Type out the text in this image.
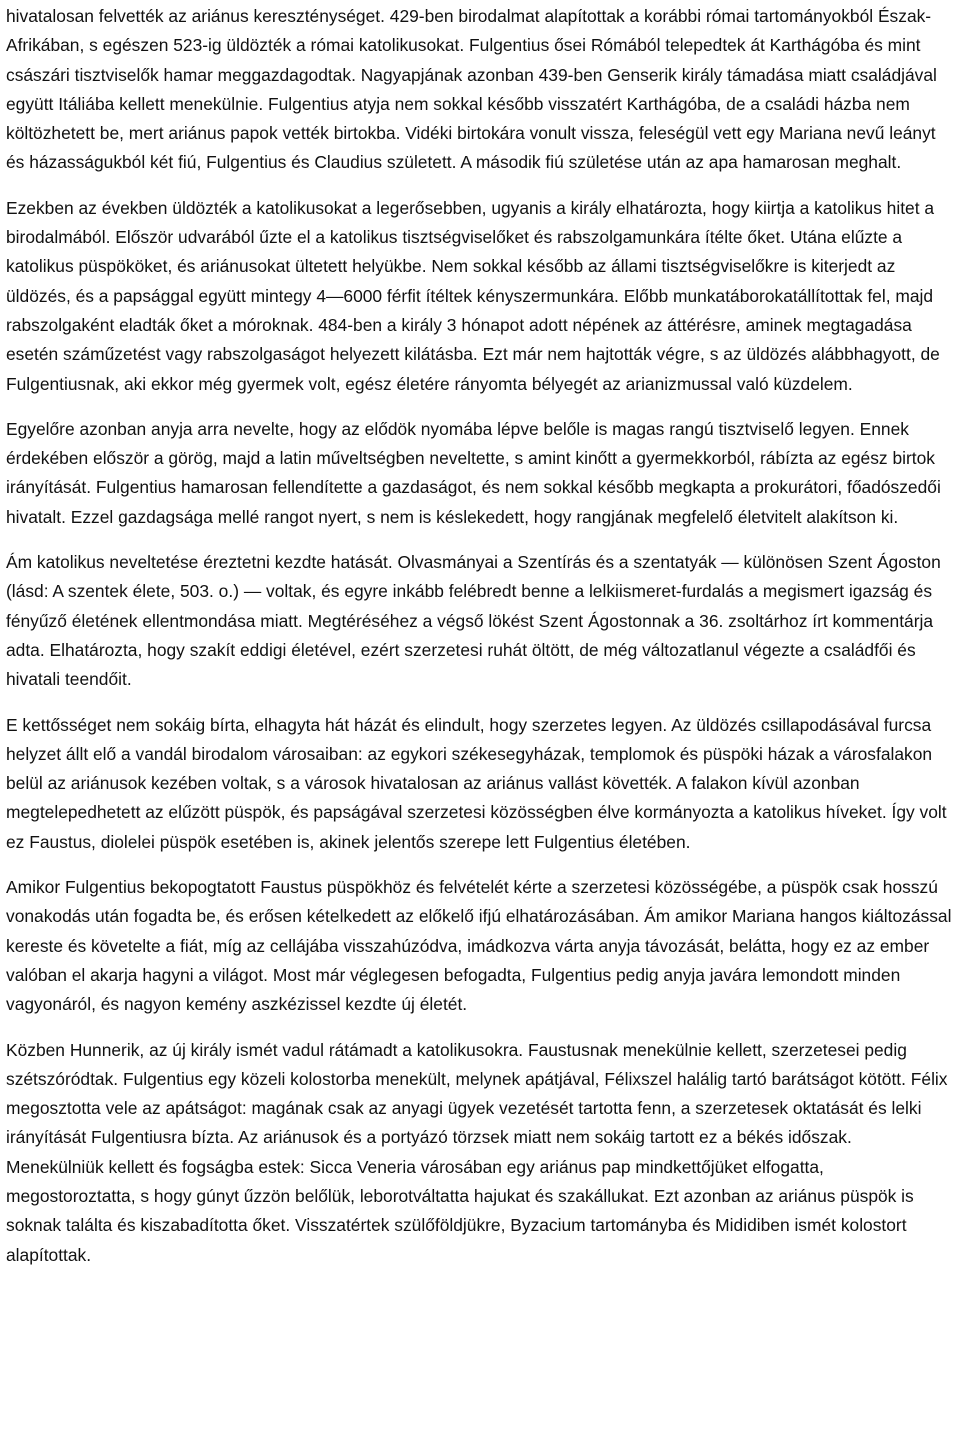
hivatalosan felvették az ariánus kereszténységet. 429-ben birodalmat alapítottak a korábbi római tartományokból Észak-Afrikában, s egészen 523-ig üldözték a római katolikusokat. Fulgentius ősei Rómából telepedtek át Karthágóba és mint császári tisztviselők hamar meggazdagodtak. Nagyapjának azonban 439-ben Genserik király támadása miatt családjával együtt Itáliába kellett menekülnie. Fulgentius atyja nem sokkal később visszatért Karthágóba, de a családi házba nem költözhetett be, mert ariánus papok vették birtokba. Vidéki birtokára vonult vissza, feleségül vett egy Mariana nevű leányt és házasságukból két fiú, Fulgentius és Claudius született. A második fiú születése után az apa hamarosan meghalt.

Ezekben az években üldözték a katolikusokat a legerősebben, ugyanis a király elhatározta, hogy kiirtja a katolikus hitet a birodalmából. Először udvarából űzte el a katolikus tisztségviselőket és rabszolgamunkára ítélte őket. Utána elűzte a katolikus püspököket, és ariánusokat ültetett helyükbe. Nem sokkal később az állami tisztségviselőkre is kiterjedt az üldözés, és a papsággal együtt mintegy 4—6000 férfit ítéltek kényszermunkára. Előbb munkatáborokatállítottak fel, majd rabszolgaként eladták őket a móroknak. 484-ben a király 3 hónapot adott népének az áttérésre, aminek megtagadása esetén száműzetést vagy rabszolgaságot helyezett kilátásba. Ezt már nem hajtották végre, s az üldözés alábbhagyott, de Fulgentiusnak, aki ekkor még gyermek volt, egész életére rányomta bélyegét az arianizmussal való küzdelem.

Egyelőre azonban anyja arra nevelte, hogy az elődök nyomába lépve belőle is magas rangú tisztviselő legyen. Ennek érdekében először a görög, majd a latin műveltségben neveltette, s amint kinőtt a gyermekkorból, rábízta az egész birtok irányítását. Fulgentius hamarosan fellendítette a gazdaságot, és nem sokkal később megkapta a prokurátori, főadószedői hivatalt. Ezzel gazdagsága mellé rangot nyert, s nem is késlekedett, hogy rangjának megfelelő életvitelt alakítson ki.

Ám katolikus neveltetése éreztetni kezdte hatását. Olvasmányai a Szentírás és a szentatyák — különösen Szent Ágoston (lásd: A szentek élete, 503. o.) — voltak, és egyre inkább felébredt benne a lelkiismeret-furdalás a megismert igazság és fényűző életének ellentmondása miatt. Megtéréséhez a végső lökést Szent Ágostonnak a 36. zsoltárhoz írt kommentárja adta. Elhatározta, hogy szakít eddigi életével, ezért szerzetesi ruhát öltött, de még változatlanul végezte a családfői és hivatali teendőit.

E kettősséget nem sokáig bírta, elhagyta hát házát és elindult, hogy szerzetes legyen. Az üldözés csillapodásával furcsa helyzet állt elő a vandál birodalom városaiban: az egykori székesegyházak, templomok és püspöki házak a városfalakon belül az ariánusok kezében voltak, s a városok hivatalosan az ariánus vallást követték. A falakon kívül azonban megtelepedhetett az elűzött püspök, és papságával szerzetesi közösségben élve kormányozta a katolikus híveket. Így volt ez Faustus, diolelei püspök esetében is, akinek jelentős szerepe lett Fulgentius életében.

Amikor Fulgentius bekopogtatott Faustus püspökhöz és felvételét kérte a szerzetesi közösségébe, a püspök csak hosszú vonakodás után fogadta be, és erősen kételkedett az előkelő ifjú elhatározásában. Ám amikor Mariana hangos kiáltozással kereste és követelte a fiát, míg az cellájába visszahúzódva, imádkozva várta anyja távozását, belátta, hogy ez az ember valóban el akarja hagyni a világot. Most már véglegesen befogadta, Fulgentius pedig anyja javára lemondott minden vagyonáról, és nagyon kemény aszkézissel kezdte új életét.

Közben Hunnerik, az új király ismét vadul rátámadt a katolikusokra. Faustusnak menekülnie kellett, szerzetesei pedig szétszóródtak. Fulgentius egy közeli kolostorba menekült, melynek apátjával, Félixszel halálig tartó barátságot kötött. Félix megosztotta vele az apátságot: magának csak az anyagi ügyek vezetését tartotta fenn, a szerzetesek oktatását és lelki irányítását Fulgentiusra bízta. Az ariánusok és a portyázó törzsek miatt nem sokáig tartott ez a békés időszak. Menekülniük kellett és fogságba estek: Sicca Veneria városában egy ariánus pap mindkettőjüket elfogatta, megostoroztatta, s hogy gúnyt űzzön belőlük, leborotváltatta hajukat és szakállukat. Ezt azonban az ariánus püspök is soknak találta és kiszabadította őket. Visszatértek szülőföldjükre, Byzacium tartományba és Mididiben ismét kolostort alapítottak.
